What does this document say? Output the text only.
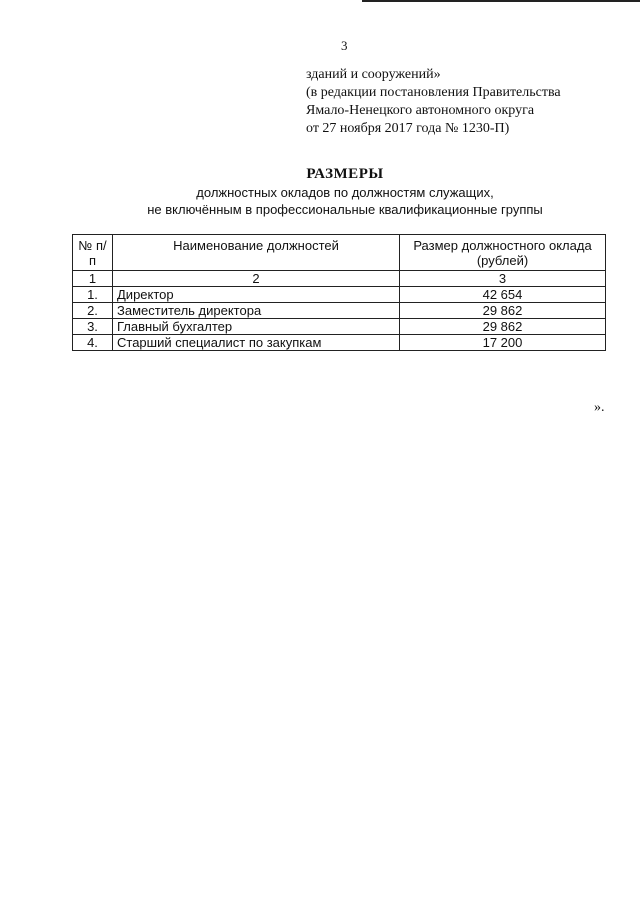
3
зданий и сооружений»
(в редакции постановления Правительства
Ямало-Ненецкого автономного округа
от 27 ноября 2017 года № 1230-П)
РАЗМЕРЫ
должностных окладов по должностям служащих,
не включённым в профессиональные квалификационные группы
№ п/п	Наименование должностей	Размер должностного оклада (рублей)
1	2	3
1.	Директор	42 654
2.	Заместитель директора	29 862
3.	Главный бухгалтер	29 862
4.	Старший специалист по закупкам	17 200
».
